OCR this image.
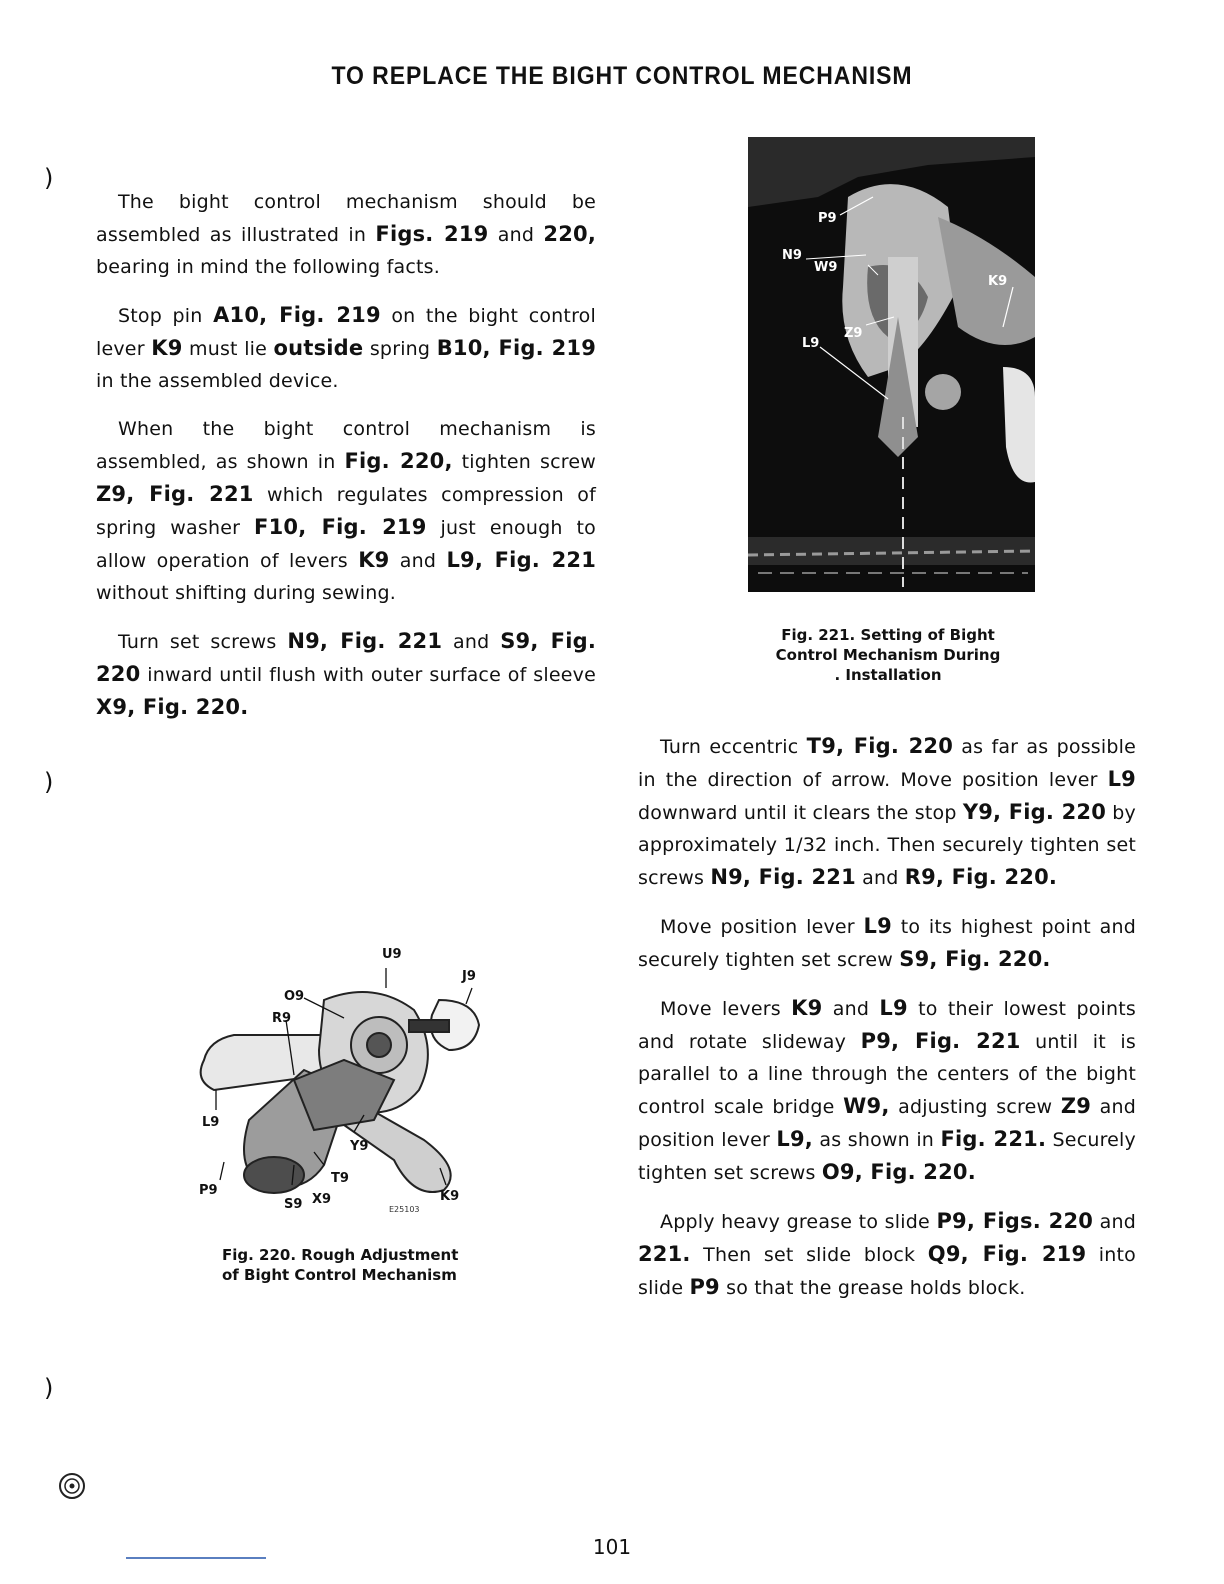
TO REPLACE THE BIGHT CONTROL MECHANISM
)
)
)

The bight control mechanism should be assembled as illustrated in Figs. 219 and 220, bearing in mind the following facts.

Stop pin A10, Fig. 219 on the bight control lever K9 must lie outside spring B10, Fig. 219 in the assembled device.

When the bight control mechanism is assembled, as shown in Fig. 220, tighten screw Z9, Fig. 221 which regulates compression of spring washer F10, Fig. 219 just enough to allow operation of levers K9 and L9, Fig. 221 without shifting during sewing.

Turn set screws N9, Fig. 221 and S9, Fig. 220 inward until flush with outer surface of sleeve X9, Fig. 220.

Turn eccentric T9, Fig. 220 as far as possible in the direction of arrow. Move position lever L9 downward until it clears the stop Y9, Fig. 220 by approximately 1/32 inch. Then securely tighten set screws N9, Fig. 221 and R9, Fig. 220.

Move position lever L9 to its highest point and securely tighten set screw S9, Fig. 220.

Move levers K9 and L9 to their lowest points and rotate slideway P9, Fig. 221 until it is parallel to a line through the centers of the bight control scale bridge W9, adjusting screw Z9 and position lever L9, as shown in Fig. 221. Securely tighten set screws O9, Fig. 220.

Apply heavy grease to slide P9, Figs. 220 and 221. Then set slide block Q9, Fig. 219 into slide P9 so that the grease holds block.

P9
N9
W9
K9
L9
Z9
Fig. 221. Setting of Bight
Control Mechanism During
. Installation
U9
J9
O9
R9
L9
Y9
T9
P9
S9 X9	K9
E25103
Fig. 220. Rough Adjustment
of Bight Control Mechanism
101
